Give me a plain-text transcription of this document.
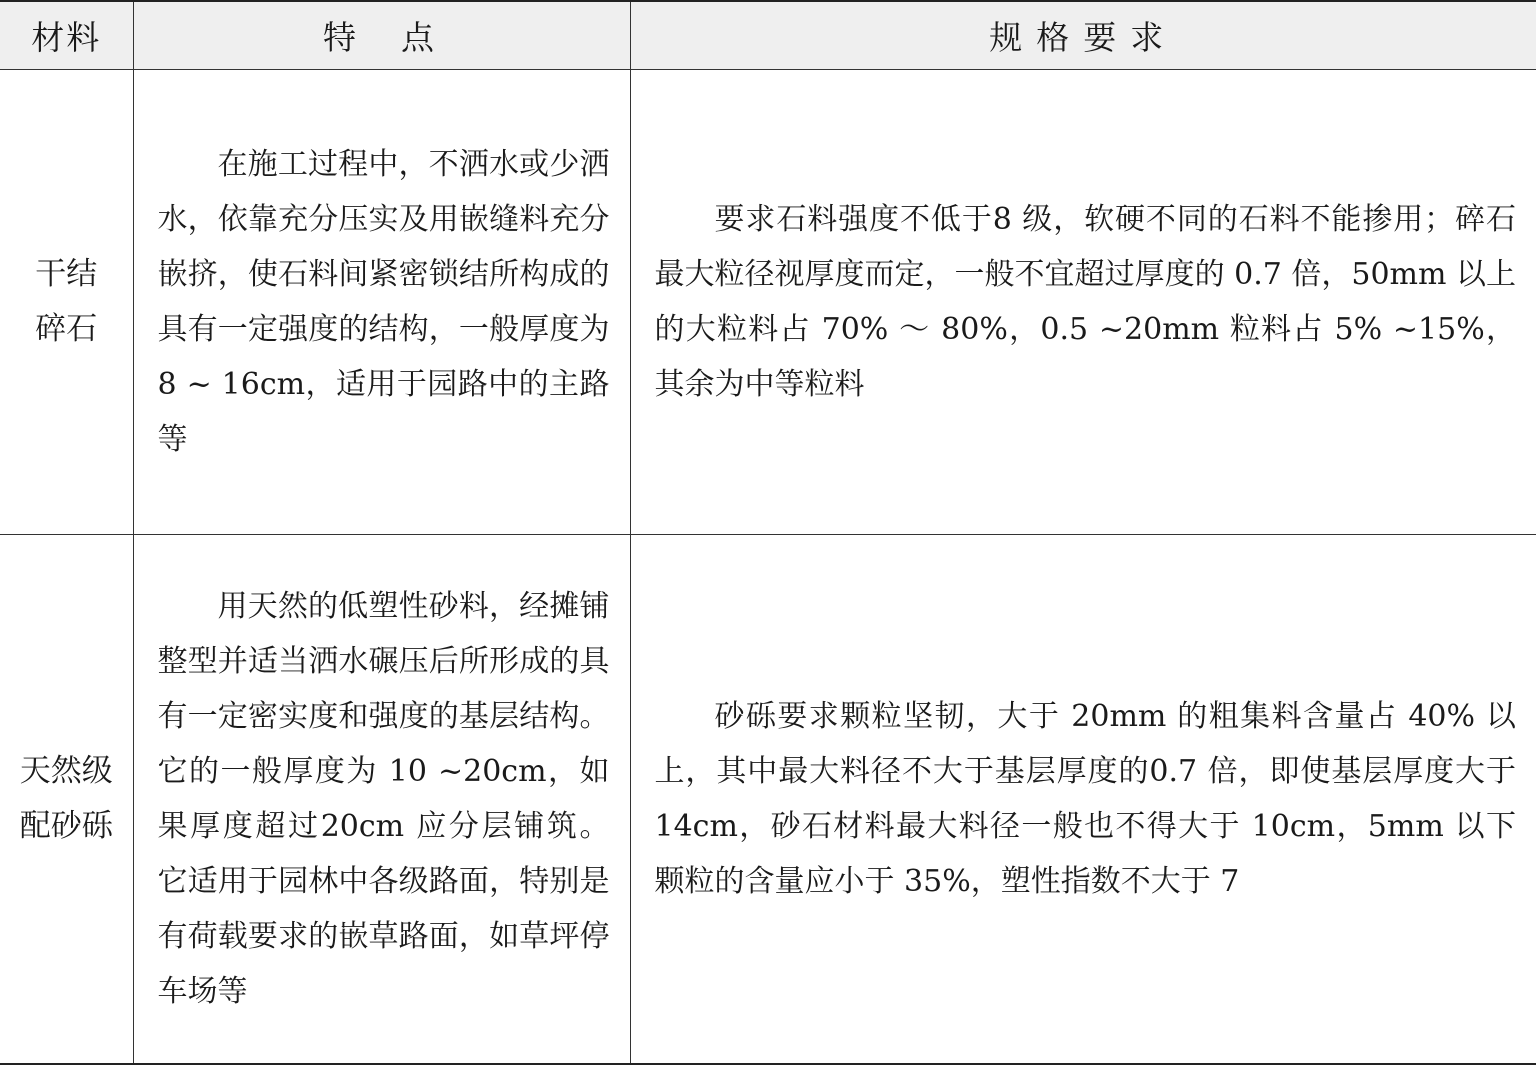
材料	特　点	规格要求
干结碎石	在施工过程中，不洒水或少洒水，依靠充分压实及用嵌缝料充分嵌挤，使石料间紧密锁结所构成的具有一定强度的结构，一般厚度为 8 ~ 16cm，适用于园路中的主路等	要求石料强度不低于8 级，软硬不同的石料不能掺用；碎石最大粒径视厚度而定，一般不宜超过厚度的 0.7 倍，50mm 以上的大粒料占 70% ～ 80%，0.5 ~20mm 粒料占 5% ~15%，其余为中等粒料
天然级配砂砾	用天然的低塑性砂料，经摊铺整型并适当洒水碾压后所形成的具有一定密实度和强度的基层结构。它的一般厚度为 10 ~20cm，如果厚度超过20cm 应分层铺筑。它适用于园林中各级路面，特别是有荷载要求的嵌草路面，如草坪停车场等	砂砾要求颗粒坚韧，大于 20mm 的粗集料含量占 40% 以上，其中最大料径不大于基层厚度的0.7 倍，即使基层厚度大于 14cm，砂石材料最大料径一般也不得大于 10cm，5mm 以下颗粒的含量应小于 35%，塑性指数不大于 7
